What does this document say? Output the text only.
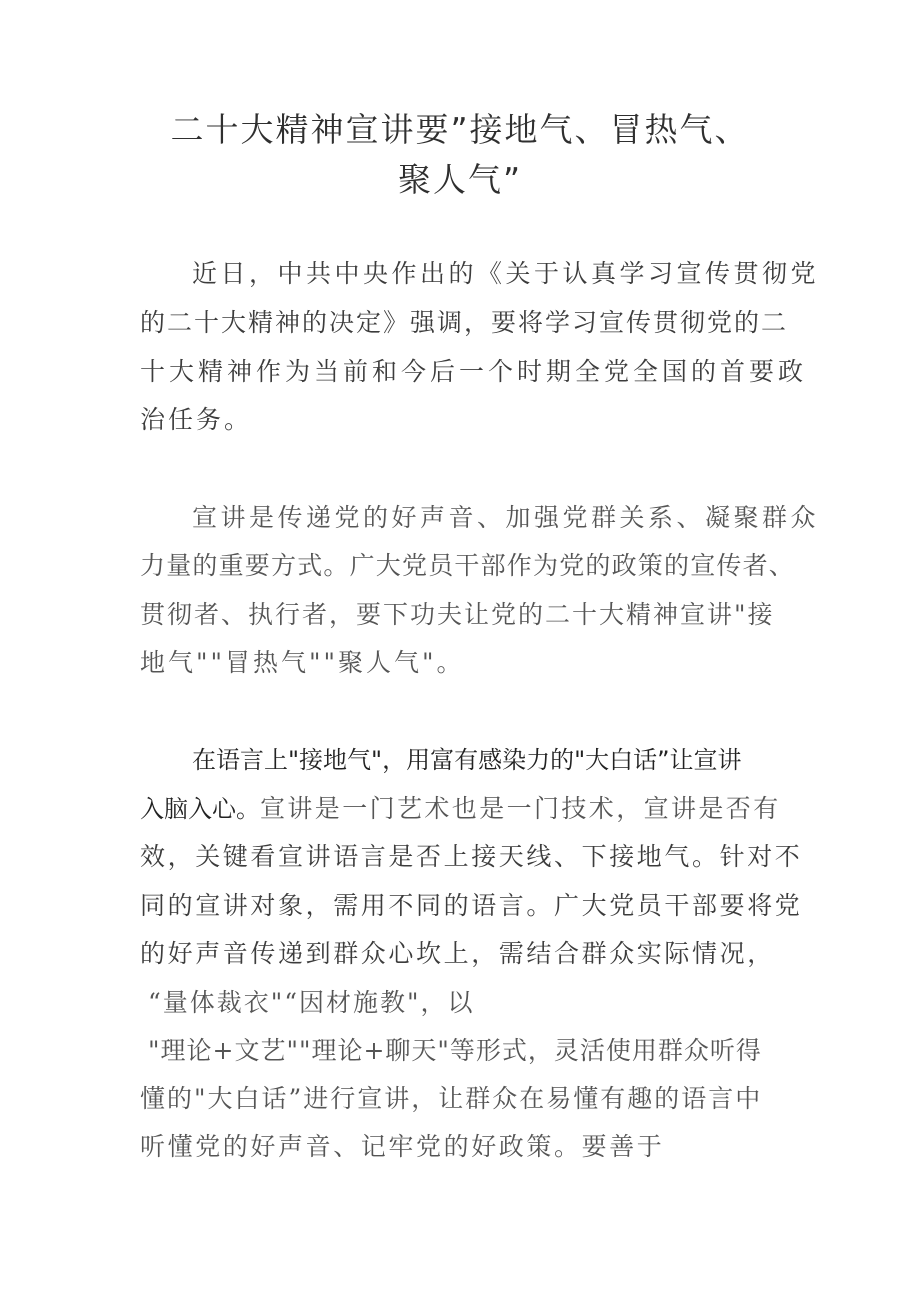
二十大精神宣讲要”接地气、冒热气、
聚人气”

近日，中共中央作出的《关于认真学习宣传贯彻党

的二十大精神的决定》强调，要将学习宣传贯彻党的二

十大精神作为当前和今后一个时期全党全国的首要政

治任务。

宣讲是传递党的好声音、加强党群关系、凝聚群众

力量的重要方式。广大党员干部作为党的政策的宣传者、

贯彻者、执行者，要下功夫让党的二十大精神宣讲"接

地气""冒热气""聚人气"。

在语言上"接地气"，用富有感染力的"大白话”让宣讲

入脑入心。宣讲是一门艺术也是一门技术，宣讲是否有

效，关键看宣讲语言是否上接天线、下接地气。针对不

同的宣讲对象，需用不同的语言。广大党员干部要将党

的好声音传递到群众心坎上，需结合群众实际情况，

“量体裁衣"“因材施教"，以

"理论+文艺""理论+聊天"等形式，灵活使用群众听得

懂的"大白话”进行宣讲，让群众在易懂有趣的语言中

听懂党的好声音、记牢党的好政策。要善于
